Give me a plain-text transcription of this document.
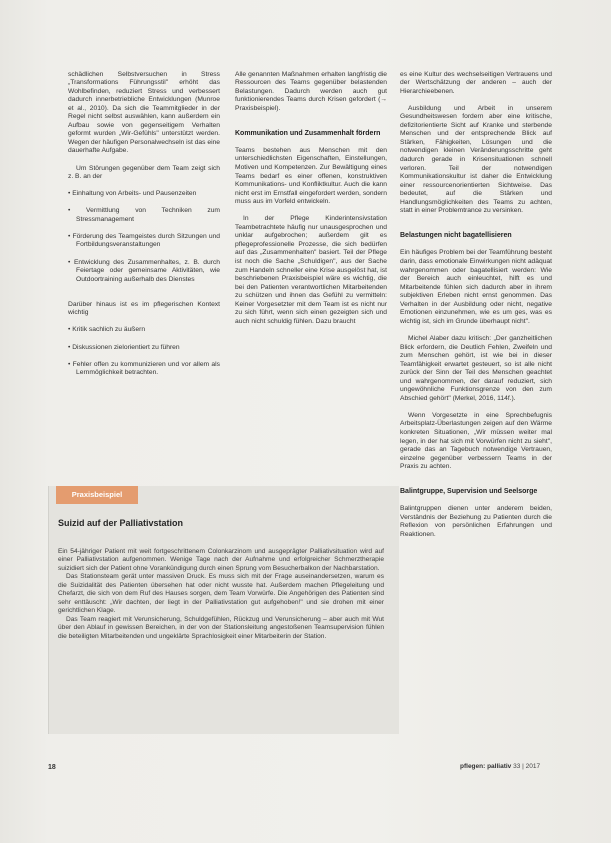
schädlichen Selbstversuchen in Stress „Transformations Führungsstil" erhöht das Wohlbefinden, reduziert Stress und verbessert dadurch innerbetriebliche Entwicklungen (Munroe et al., 2010). Da sich die Teammitglieder in der Regel nicht selbst auswählen, kann außerdem ein Aufbau sowie von gegenseitigem Verhalten geformt wurden „Wir-Gefühls" unterstützt werden. Wegen der häufigen Personalwechseln ist das eine dauerhafte Aufgabe.

Um Störungen gegenüber dem Team zeigt sich z. B. an der

• Einhaltung von Arbeits- und Pausenzeiten

• Vermittlung von Techniken zum Stressmanagement

• Förderung des Teamgeistes durch Sitzungen und Fortbildungsveranstaltungen

• Entwicklung des Zusammenhaltes, z. B. durch Feiertage oder gemeinsame Aktivitäten, wie Outdoortraining außerhalb des Dienstes

Darüber hinaus ist es im pflegerischen Kontext wichtig

• Kritik sachlich zu äußern

• Diskussionen zielorientiert zu führen

• Fehler offen zu kommunizieren und vor allem als Lernmöglichkeit betrachten.

Alle genannten Maßnahmen erhalten langfristig die Ressourcen des Teams gegenüber belastenden Belastungen. Dadurch werden auch gut funktionierendes Teams durch Krisen gefordert (→ Praxisbeispiel).

Kommunikation und Zusammenhalt fördern

Teams bestehen aus Menschen mit den unterschiedlichsten Eigenschaften, Einstellungen, Motiven und Kompetenzen. Zur Bewältigung eines Teams bedarf es einer offenen, konstruktiven Kommunikations- und Konfliktkultur. Auch die kann nicht erst im Ernstfall eingefordert werden, sondern muss aus im Vorfeld entwickeln.

In der Pflege Kinderintensivstation Teambetrachtete häufig nur unausgesprochen und unklar aufgebrochen; außerdem gilt es pflegeprofessionelle Prozesse, die sich bedürfen auf das „Zusammenhalten" basiert. Teil der Pflege ist noch die Sache „Schuldigen", aus der Sache zum Handeln schneller eine Krise ausgelöst hat, ist beschriebenen Praxisbeispiel wäre es wichtig, die bei den Patienten verantwortlichen Mitarbeitenden zu schützen und ihnen das Gefühl zu vermitteln: Keiner Vorgesetzter mit dem Team ist es nicht nur zu sich führt, wenn sich einen gezeigten sich und auch nicht schuldig fühlen. Dazu braucht

es eine Kultur des wechselseitigen Vertrauens und der Wertschätzung der anderen – auch der Hierarchieebenen.

Ausbildung und Arbeit in unserem Gesundheitswesen fordern aber eine kritische, defizitorientierte Sicht auf Kranke und sterbende Menschen und der entsprechende Blick auf Stärken, Fähigkeiten, Lösungen und die notwendigen kleinen Veränderungsschritte geht dadurch gerade in Krisensituationen schnell verloren. Teil der notwendigen Kommunikationskultur ist daher die Entwicklung einer ressourcenorientierten Sichtweise. Das bedeutet, auf die Stärken und Handlungsmöglichkeiten des Teams zu achten, statt in einer Problemtrance zu versinken.

Belastungen nicht bagatellisieren

Ein häufiges Problem bei der Teamführung besteht darin, dass emotionale Einwirkungen nicht adäquat wahrgenommen oder bagatellisiert werden: Wie der Bereich auch einleuchtet, hilft es und Mitarbeitende fühlen sich dadurch aber in ihrem subjektiven Erleben nicht ernst genommen. Das Verhalten in der Ausbildung oder nicht, negative Emotionen einzunehmen, wie es um ges, was es wichtig ist, sich im Grunde überhaupt nicht".

Michel Alaber dazu kritisch: „Der ganzheitlichen Blick erfordern, die Deutlich Fehlen, Zweifeln und zum Menschen gehört, ist wie bei in dieser Teamfähigkeit erwartet gesteuert, so ist alle nicht zurück der Sinn der Teil des Menschen geachtet und wahrgenommen, der darauf reduziert, sich ungewöhnliche Funktionsgrenze von den zum Abschied gehört" (Merkel, 2016, 114f.).

Wenn Vorgesetzte in eine Sprechbefugnis Arbeitsplatz-Überlastungen zeigen auf den Wärme konkreten Situationen, „Wir müssen weiter mal legen, in der hat sich mit Vorwürfen nicht zu sieht", gerade das an Tagebuch notwendige Vertrauen, einzelne gegenüber verbessern Teams in der Praxis zu achten.

Balintgruppe, Supervision und Seelsorge

Balintgruppen dienen unter anderem beiden, Verständnis der Beziehung zu Patienten durch die Reflexion von persönlichen Erfahrungen und Reaktionen.

Praxisbeispiel
Suizid auf der Palliativstation

Ein 54-jähriger Patient mit weit fortgeschrittenem Colonkarzinom und ausgeprägter Palliativsituation wird auf einer Palliativstation aufgenommen. Wenige Tage nach der Aufnahme und erfolgreicher Schmerztherapie suizidiert sich der Patient ohne Vorankündigung durch einen Sprung vom Besucherbalkon der Nachbarstation.

Das Stationsteam gerät unter massiven Druck. Es muss sich mit der Frage auseinandersetzen, warum es die Suizidalität des Patienten übersehen hat oder nicht wusste hat. Außerdem machen Pflegeleitung und Chefarzt, die sich von dem Ruf des Hauses sorgen, dem Team Vorwürfe. Die Angehörigen des Patienten sind sehr enttäuscht: „Wir dachten, der liegt in der Palliativstation gut aufgehoben!" und sie drohen mit einer gerichtlichen Klage.

Das Team reagiert mit Verunsicherung, Schuldgefühlen, Rückzug und Verunsicherung – aber auch mit Wut über den Ablauf in gewissen Bereichen, in der von der Stationsleitung angestoßenen Teamsupervision fühlen die beteiligten Mitarbeitenden und ungeklärte Sprachlosigkeit einer Mitarbeiterin der Station.

18	pflegen: palliativ 33 | 2017
